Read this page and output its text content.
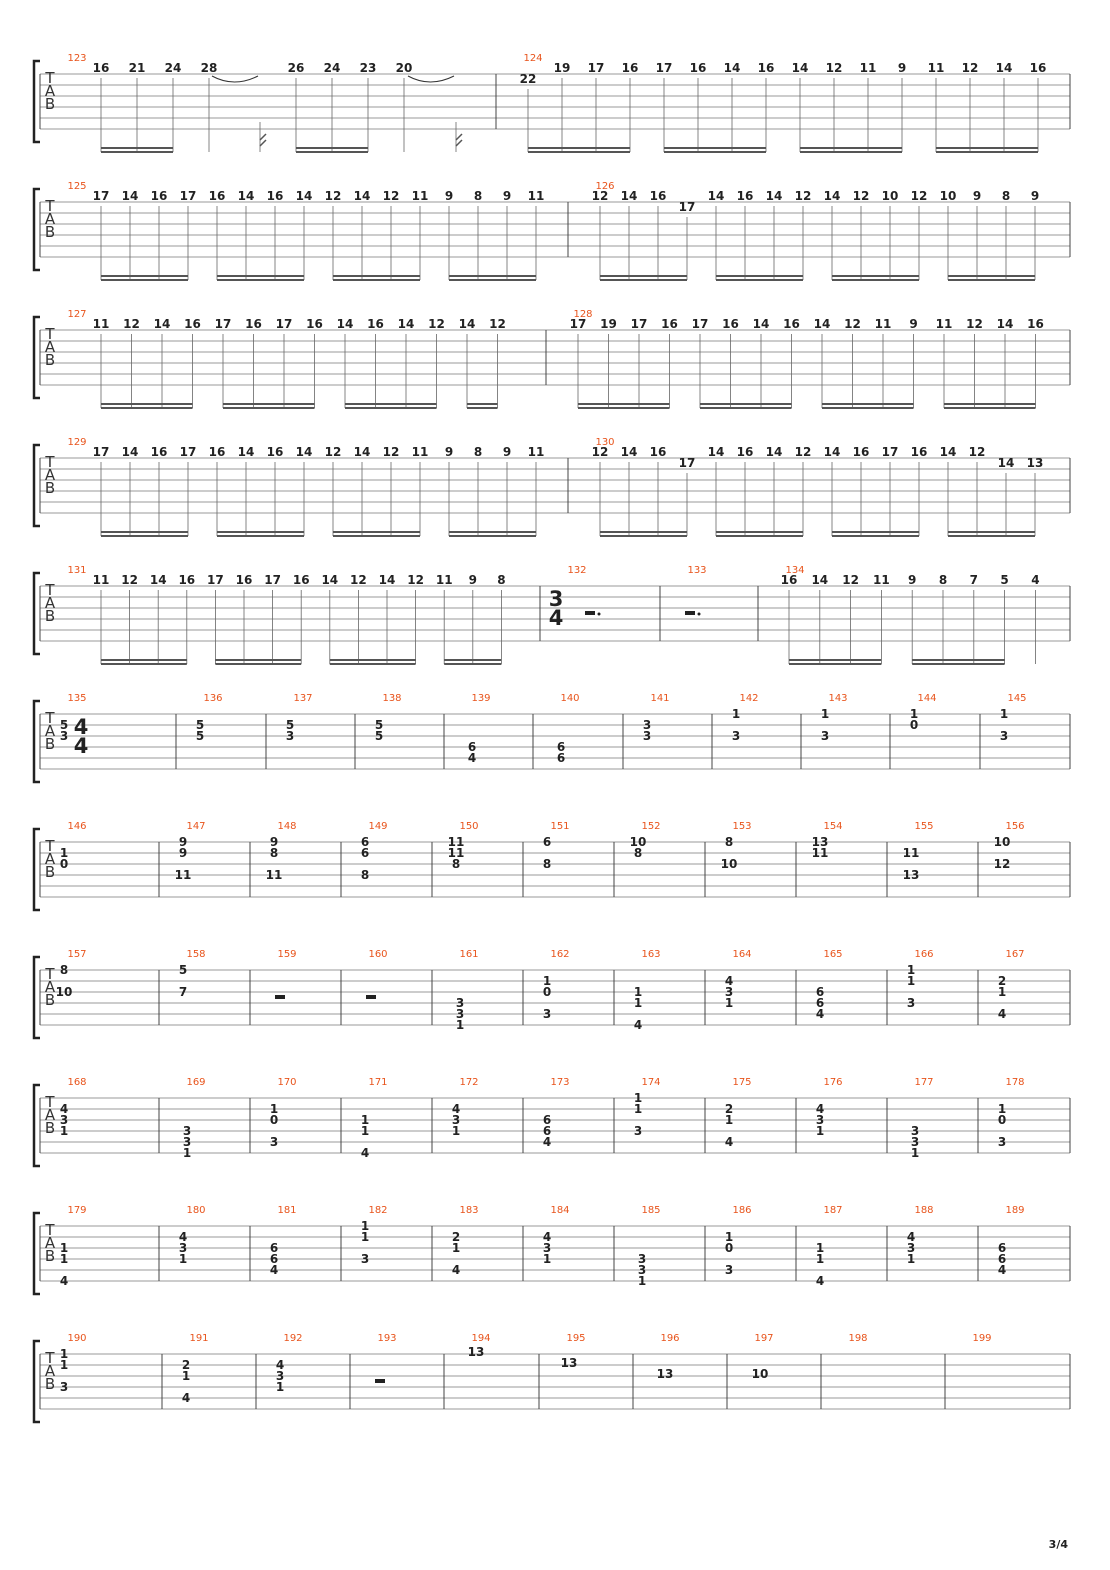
T
A
B
123
16 21 24 28	26 24 23 20
124
22
19 17 16 17 16 14 16 14 12 11 9 11 12 14 16
T
A
B
125
17 14 16 17 16 14 16 14 12 14 12 11 9 8 9 11
126
12 14 16
17
14 16 14 12 14 12 10 12 10 9 8 9
T
A
B
127
11 12 14 16 17 16 17 16 14 16 14 12 14 12
128
17 19 17 16 17 16 14 16 14 12 11 9 11 12 14 16
T
A
B
129
17 14 16 17 16 14 16 14 12 14 12 11 9 8 9 11
130
12 14 16
17
14 16 14 12 14 16 17 16 14 12
14 13
T
A
B
131
11 12 14 16 17 16 17 16 14 12 14 12 11 9 8
132
3
4
133	134
16 14 12 11 9 8 7 5 4
T
A
B
135
4
4
5
3
136
5
5
137
5
3
138
5
5
139
6
4
140
6
6
141
3
3
142
1
3
143
1
3
144
1
0
145
1
3
T
A
B
146
1
0
147
9
9
11
148
9
8
11
149
6
6
8
150
11
11
8
151
6
8
152
10
8
153
8
10
154
13
11
155
11
13
156
10
12
T
A
B
157
8
10
158
5
7
159	160	161
3
3
1
162
1
0
3
163
1
1
4
164
4
3
1
165
6
6
4
166
1
1
3
167
2
1
4
T
A
B
168
4
3
1
169
3
3
1
170
1
0
3
171
1
1
4
172
4
3
1
173
6
6
4
174
1
1
3
175
2
1
4
176
4
3
1
177
3
3
1
178
1
0
3
T
A
B
179
1
1
4
180
4
3
1
181
6
6
4
182
1
1
3
183
2
1
4
184
4
3
1
185
3
3
1
186
1
0
3
187
1
1
4
188
4
3
1
189
6
6
4
T
A
B
190
1
1
3
191
2
1
4
192
4
3
1
193	194
13
195
13
196
13
197
10
198	199
3/4
